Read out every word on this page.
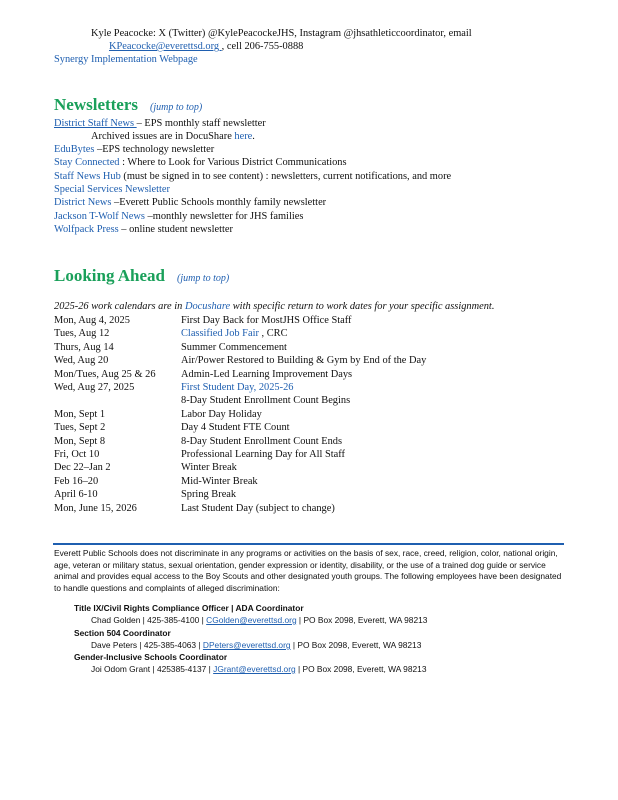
Kyle Peacocke: X (Twitter) @KylePeacockeJHS, Instagram @jhsathleticcoordinator, email
KPeacocke@everettsd.org , cell 206-755-0888
Synergy Implementation Webpage
Newsletters (jump to top)
District Staff News – EPS monthly staff newsletter
Archived issues are in DocuShare here.
EduBytes –EPS technology newsletter
Stay Connected : Where to Look for Various District Communications
Staff News Hub (must be signed in to see content) : newsletters, current notifications, and more
Special Services Newsletter
District News –Everett Public Schools monthly family newsletter
Jackson T-Wolf News –monthly newsletter for JHS families
Wolfpack Press – online student newsletter
Looking Ahead (jump to top)
2025-26 work calendars are in Docushare with specific return to work dates for your specific assignment.
Mon, Aug 4, 2025	First Day Back for MostJHS Office Staff
Tues, Aug 12	Classified Job Fair , CRC
Thurs, Aug 14	Summer Commencement
Wed, Aug 20	Air/Power Restored to Building & Gym by End of the Day
Mon/Tues, Aug 25 & 26	Admin-Led Learning Improvement Days
Wed, Aug 27, 2025	First Student Day, 2025-26
	8-Day Student Enrollment Count Begins
Mon, Sept 1	Labor Day Holiday
Tues, Sept 2	Day 4 Student FTE Count
Mon, Sept 8	8-Day Student Enrollment Count Ends
Fri, Oct 10	Professional Learning Day for All Staff
Dec 22–Jan 2	Winter Break
Feb 16–20	Mid-Winter Break
April 6-10	Spring Break
Mon, June 15, 2026	Last Student Day (subject to change)
Everett Public Schools does not discriminate in any programs or activities on the basis of sex, race, creed, religion, color, national origin, age, veteran or military status, sexual orientation, gender expression or identity, disability, or the use of a trained dog guide or service animal and provides equal access to the Boy Scouts and other designated youth groups. The following employees have been designated to handle questions and complaints of alleged discrimination:
Title IX/Civil Rights Compliance Officer | ADA Coordinator
Chad Golden | 425-385-4100 | CGolden@everettsd.org | PO Box 2098, Everett, WA 98213
Section 504 Coordinator
Dave Peters | 425-385-4063 | DPeters@everettsd.org | PO Box 2098, Everett, WA 98213
Gender-Inclusive Schools Coordinator
Joi Odom Grant | 425385-4137 | JGrant@everettsd.org | PO Box 2098, Everett, WA 98213
